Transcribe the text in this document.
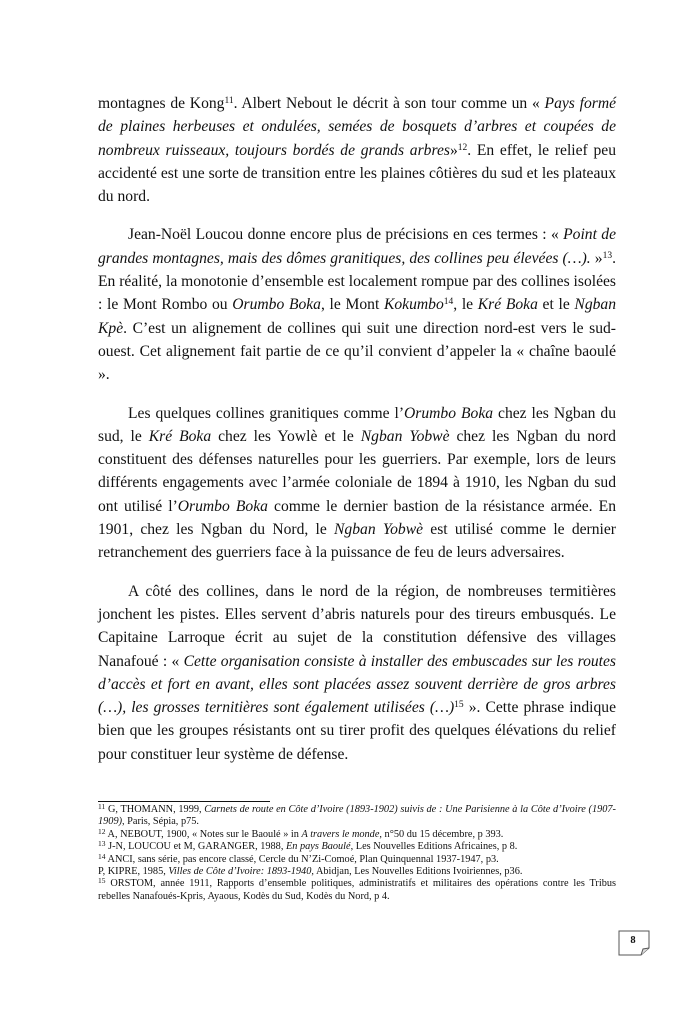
montagnes de Kong$^{11}$. Albert Nebout le décrit à son tour comme un « Pays formé de plaines herbeuses et ondulées, semées de bosquets d’arbres et coupées de nombreux ruisseaux, toujours bordés de grands arbres»$^{12}$. En effet, le relief peu accidenté est une sorte de transition entre les plaines côtières du sud et les plateaux du nord.

Jean-Noël Loucou donne encore plus de précisions en ces termes : « Point de grandes montagnes, mais des dômes granitiques, des collines peu élevées (…). »$^{13}$. En réalité, la monotonie d’ensemble est localement rompue par des collines isolées : le Mont Rombo ou Orumbo Boka, le Mont Kokumbo$^{14}$, le Kré Boka et le Ngban Kpè. C’est un alignement de collines qui suit une direction nord-est vers le sud-ouest. Cet alignement fait partie de ce qu’il convient d’appeler la « chaîne baoulé ».

Les quelques collines granitiques comme l’Orumbo Boka chez les Ngban du sud, le Kré Boka chez les Yowlè et le Ngban Yobwè chez les Ngban du nord constituent des défenses naturelles pour les guerriers. Par exemple, lors de leurs différents engagements avec l’armée coloniale de 1894 à 1910, les Ngban du sud ont utilisé l’Orumbo Boka comme le dernier bastion de la résistance armée. En 1901, chez les Ngban du Nord, le Ngban Yobwè est utilisé comme le dernier retranchement des guerriers face à la puissance de feu de leurs adversaires.

A côté des collines, dans le nord de la région, de nombreuses termitières jonchent les pistes. Elles servent d’abris naturels pour des tireurs embusqués. Le Capitaine Larroque écrit au sujet de la constitution défensive des villages Nanafoué : « Cette organisation consiste à installer des embuscades sur les routes d’accès et fort en avant, elles sont placées assez souvent derrière de gros arbres (…), les grosses ternitières sont également utilisées (…)$^{15}$ ». Cette phrase indique bien que les groupes résistants ont su tirer profit des quelques élévations du relief pour constituer leur système de défense.

$^{11}$ G, THOMANN, 1999, Carnets de route en Côte d’Ivoire (1893-1902) suivis de : Une Parisienne à la Côte d’Ivoire (1907-1909), Paris, Sépia, p75.

$^{12}$ A, NEBOUT, 1900, « Notes sur le Baoulé » in A travers le monde, n°50 du 15 décembre, p 393.

$^{13}$ J-N, LOUCOU et M, GARANGER, 1988, En pays Baoulé, Les Nouvelles Editions Africaines, p 8.

$^{14}$ ANCI, sans série, pas encore classé, Cercle du N’Zi-Comoé, Plan Quinquennal 1937-1947, p3.

P, KIPRE, 1985, Villes de Côte d’Ivoire: 1893-1940, Abidjan, Les Nouvelles Editions Ivoiriennes, p36.

$^{15}$ ORSTOM, année 1911, Rapports d’ensemble politiques, administratifs et militaires des opérations contre les Tribus rebelles Nanafoués-Kpris, Ayaous, Kodès du Sud, Kodès du Nord, p 4.

8
